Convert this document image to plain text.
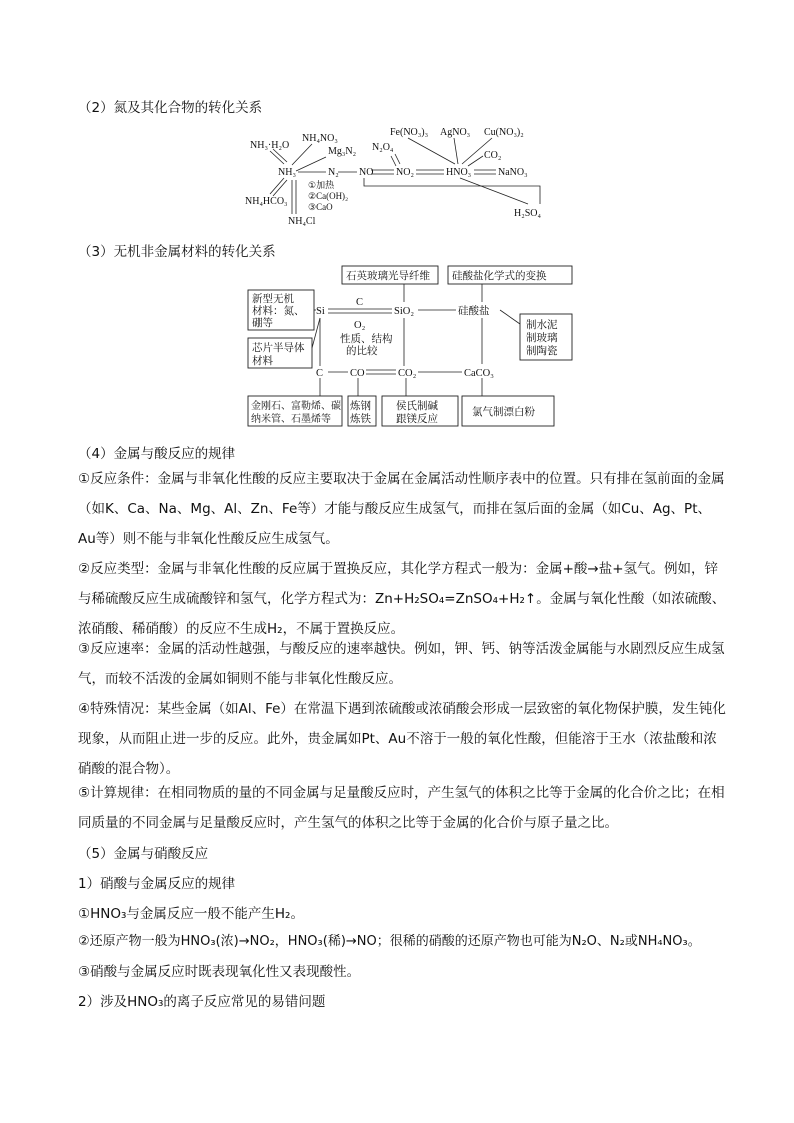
（2）氮及其化合物的转化关系
NH₃·H₂O
NH₄NO₃
Mg₃N₂
Fe(NO₃)₃ AgNO₃ Cu(NO₃)₂
N₂O₄
CO₂
NH₃	N₂ NO NO₂	HNO₃	NaNO₃
NH₄HCO₃
①加热
②Ca(OH)₂
③CaO
NH₄Cl
H₂SO₄
（3）无机非金属材料的转化关系
石英玻璃光导纤维 硅酸盐化学式的变换
新型无机
材料：氮、
硼等	制水泥
制玻璃
制陶瓷
芯片半导体
材料
性质、结构
的比较
硅酸盐
金刚石、富勒烯、碳
纳米管、石墨烯等
炼钢
炼铁
侯氏制碱
跟镁反应
氯气制漂白粉
Si
C
O₂
SiO₂
C	CO	CO₂	CaCO₃
（4）金属与酸反应的规律
①反应条件：金属与非氧化性酸的反应主要取决于金属在金属活动性顺序表中的位置。只有排在氢前面的金属（如K、Ca、Na、Mg、Al、Zn、Fe等）才能与酸反应生成氢气，而排在氢后面的金属（如Cu、Ag、Pt、Au等）则不能与非氧化性酸反应生成氢气。
②反应类型：金属与非氧化性酸的反应属于置换反应，其化学方程式一般为：金属+酸→盐+氢气。例如，锌与稀硫酸反应生成硫酸锌和氢气，化学方程式为：Zn+H₂SO₄=ZnSO₄+H₂↑。金属与氧化性酸（如浓硫酸、浓硝酸、稀硝酸）的反应不生成H₂，不属于置换反应。
③反应速率：金属的活动性越强，与酸反应的速率越快。例如，钾、钙、钠等活泼金属能与水剧烈反应生成氢气，而较不活泼的金属如铜则不能与非氧化性酸反应。
④特殊情况：某些金属（如Al、Fe）在常温下遇到浓硫酸或浓硝酸会形成一层致密的氧化物保护膜，发生钝化现象，从而阻止进一步的反应。此外，贵金属如Pt、Au不溶于一般的氧化性酸，但能溶于王水（浓盐酸和浓硝酸的混合物）。
⑤计算规律：在相同物质的量的不同金属与足量酸反应时，产生氢气的体积之比等于金属的化合价之比；在相同质量的不同金属与足量酸反应时，产生氢气的体积之比等于金属的化合价与原子量之比。
（5）金属与硝酸反应
1）硝酸与金属反应的规律
①HNO₃与金属反应一般不能产生H₂。
②还原产物一般为HNO₃(浓)→NO₂，HNO₃(稀)→NO；很稀的硝酸的还原产物也可能为N₂O、N₂或NH₄NO₃。
③硝酸与金属反应时既表现氧化性又表现酸性。
2）涉及HNO₃的离子反应常见的易错问题
